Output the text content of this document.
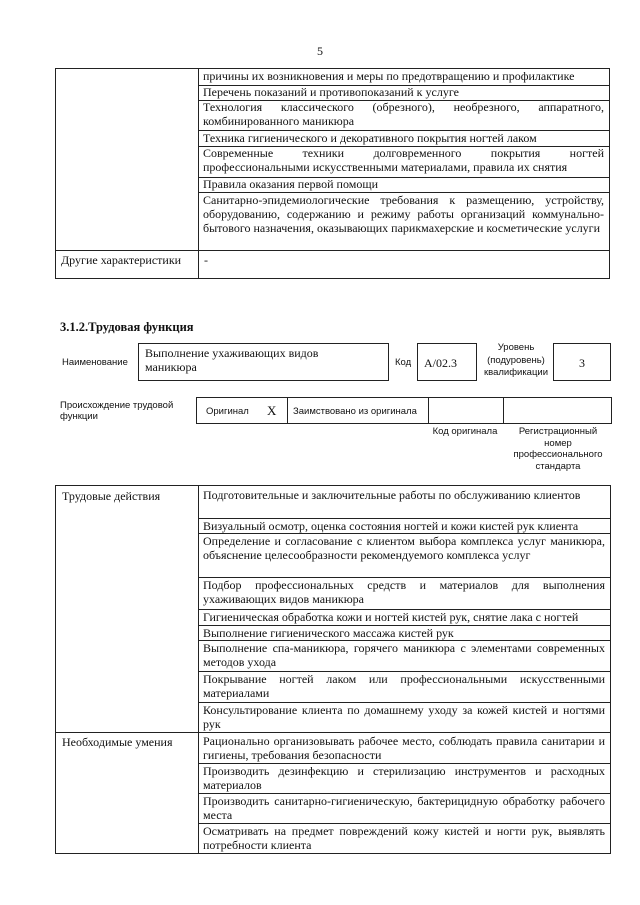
5
причины их возникновения и меры по предотвращению и профилактике
Перечень показаний и противопоказаний к услуге
Технология классического (обрезного), необрезного, аппаратного, комбинированного маникюра
Техника гигиенического и декоративного покрытия ногтей лаком
Современные техники долговременного покрытия ногтей профессиональными искусственными материалами, правила их снятия
Правила оказания первой помощи
Санитарно-эпидемиологические требования к размещению, устройству, оборудованию, содержанию и режиму работы организаций коммунально-бытового назначения, оказывающих парикмахерские и косметические услуги
Другие характеристики -
3.1.2.Трудовая функция
Наименование
Выполнение ухаживающих видов маникюра	Код А/02.3
Уровень (подуровень) квалификации
3
Происхождение трудовой функции	Оригинал X Заимствовано из оригинала
Код оригинала	Регистрационный номер профессионального стандарта
Трудовые действия	Подготовительные и заключительные работы по обслуживанию клиентов
Визуальный осмотр, оценка состояния ногтей и кожи кистей рук клиента
Определение и согласование с клиентом выбора комплекса услуг маникюра, объяснение целесообразности рекомендуемого комплекса услуг
Подбор профессиональных средств и материалов для выполнения ухаживающих видов маникюра
Гигиеническая обработка кожи и ногтей кистей рук, снятие лака с ногтей
Выполнение гигиенического массажа кистей рук
Выполнение спа-маникюра, горячего маникюра с элементами современных методов ухода
Покрывание ногтей лаком или профессиональными искусственными материалами
Консультирование клиента по домашнему уходу за кожей кистей и ногтями рук
Необходимые умения	Рационально организовывать рабочее место, соблюдать правила санитарии и гигиены, требования безопасности
Производить дезинфекцию и стерилизацию инструментов и расходных материалов
Производить санитарно-гигиеническую, бактерицидную обработку рабочего места
Осматривать на предмет повреждений кожу кистей и ногти рук, выявлять потребности клиента
